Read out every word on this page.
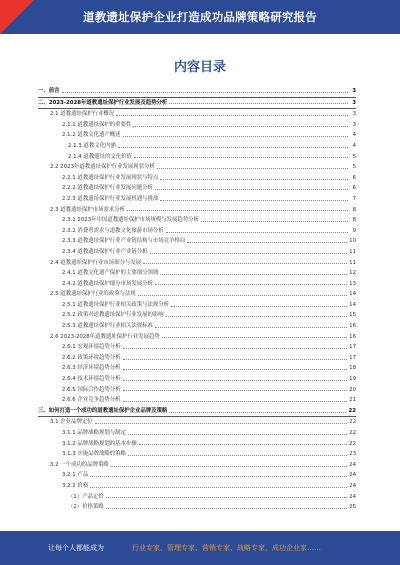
道教遗址保护企业打造成功品牌策略研究报告
内容目录
一、前言	3
二、2023-2028年道教遗址保护行业发展及趋势分析	3
2.1 道教遗址保护行业概况	3
2.1.1 道教遗址保护的重要性	3
2.1.2 道教文化遗产概述	4
2.1.3 道教文化内涵	4
2.1.4 道教遗址的文化价值	5
2.2 2023年道教遗址保护行业发展现状分析	5
2.2.1 道教遗址保护行业发展现状与特点	6
2.2.2 道教遗址保护行业发展问题分析	6
2.2.3 道教遗址保护行业发展机遇与挑战	7
2.3 道教遗址保护市场需求分析	8
2.3.1 2023年中国道教遗址保护市场规模与发展趋势分析	8
2.3.2 消费者需求与道教文化旅游市场分析	9
2.3.3 道教遗址保护行业产业链结构与市场竞争格局	10
2.3.4 道教遗址保护行业产业链分析	11
2.4 道教遗址保护行业市场细分与发展	11
2.4.1 道教文化遗产保护的主要细分领域	12
2.4.2 道教遗址保护细分市场发展分析	13
2.5 道教遗址保护行业的政策与法规	14
2.5.1 道教遗址保护行业相关政策与法规分析	14
2.5.2 政策对道教遗址保护行业发展的影响	15
2.5.3 道教遗址保护行业相关法规标准	16
2.6 2023-2028年道教遗址保护行业发展趋势	16
2.6.1 宏观环境趋势分析	17
2.6.2 政策环境趋势分析	17
2.6.3 经济环境趋势分析	18
2.6.4 技术环境趋势分析	19
2.6.5 国际合作趋势分析	20
2.6.6 企业竞争趋势分析	21
三、如何打造一个成功的道教遗址保护企业品牌及策略	22
3.1 企业品牌定位	22
3.1.1 品牌战略规划与制定	22
3.1.2 品牌战略规划的基本步骤	22
3.1.3 实施品牌战略的策略	23
3.2 一个成功的品牌策略	24
3.2.1 产品	24
3.2.2 价格	24
（1）产品定价	24
（2）价格策略	25
让每个人都能成为	行业专家、管理专家、营销专家、战略专家、成功企业家……
